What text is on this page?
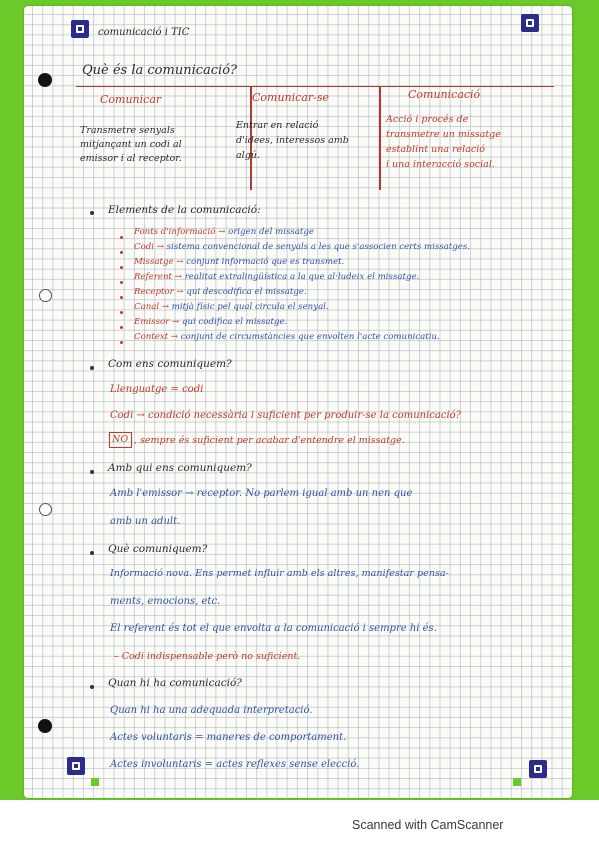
comunicació i TIC
Què és la comunicació?
Comunicar	Comunicar-se	Comunicació
Transmetre senyals
mitjançant un codi al
emissor i al receptor.
Entrar en relació
d'idees, interessos amb
algú.
Acció i procés de
transmetre un missatge
establint una relació
i una interacció social.
Elements de la comunicació:
Fonts d'informació → origen del missatge
Codi → sistema convencional de senyals a les que s'associen certs missatges.
Missatge → conjunt informació que es transmet.
Referent → realitat extralingüística a la que al·ludeix el missatge.
Receptor → qui descodifica el missatge.
Canal → mitjà físic pel qual circula el senyal.
Emissor → qui codifica el missatge.
Context → conjunt de circumstàncies que envolten l'acte comunicatiu.
Com ens comuniquem?
Llenguatge = codi
Codi → condició necessària i suficient per produir-se la comunicació?
NO , sempre és suficient per acabar d'entendre el missatge.
Amb qui ens comuniquem?
Amb l'emissor → receptor. No parlem igual amb un nen que
amb un adult.
Què comuniquem?
Informació nova. Ens permet influir amb els altres, manifestar pensa-
ments, emocions, etc.
El referent és tot el que envolta a la comunicació i sempre hi és.
– Codi indispensable però no suficient.
Quan hi ha comunicació?
Quan hi ha una adequada interpretació.
Actes voluntaris = maneres de comportament.
Actes involuntaris = actes reflexes sense elecció.
Scanned with CamScanner
